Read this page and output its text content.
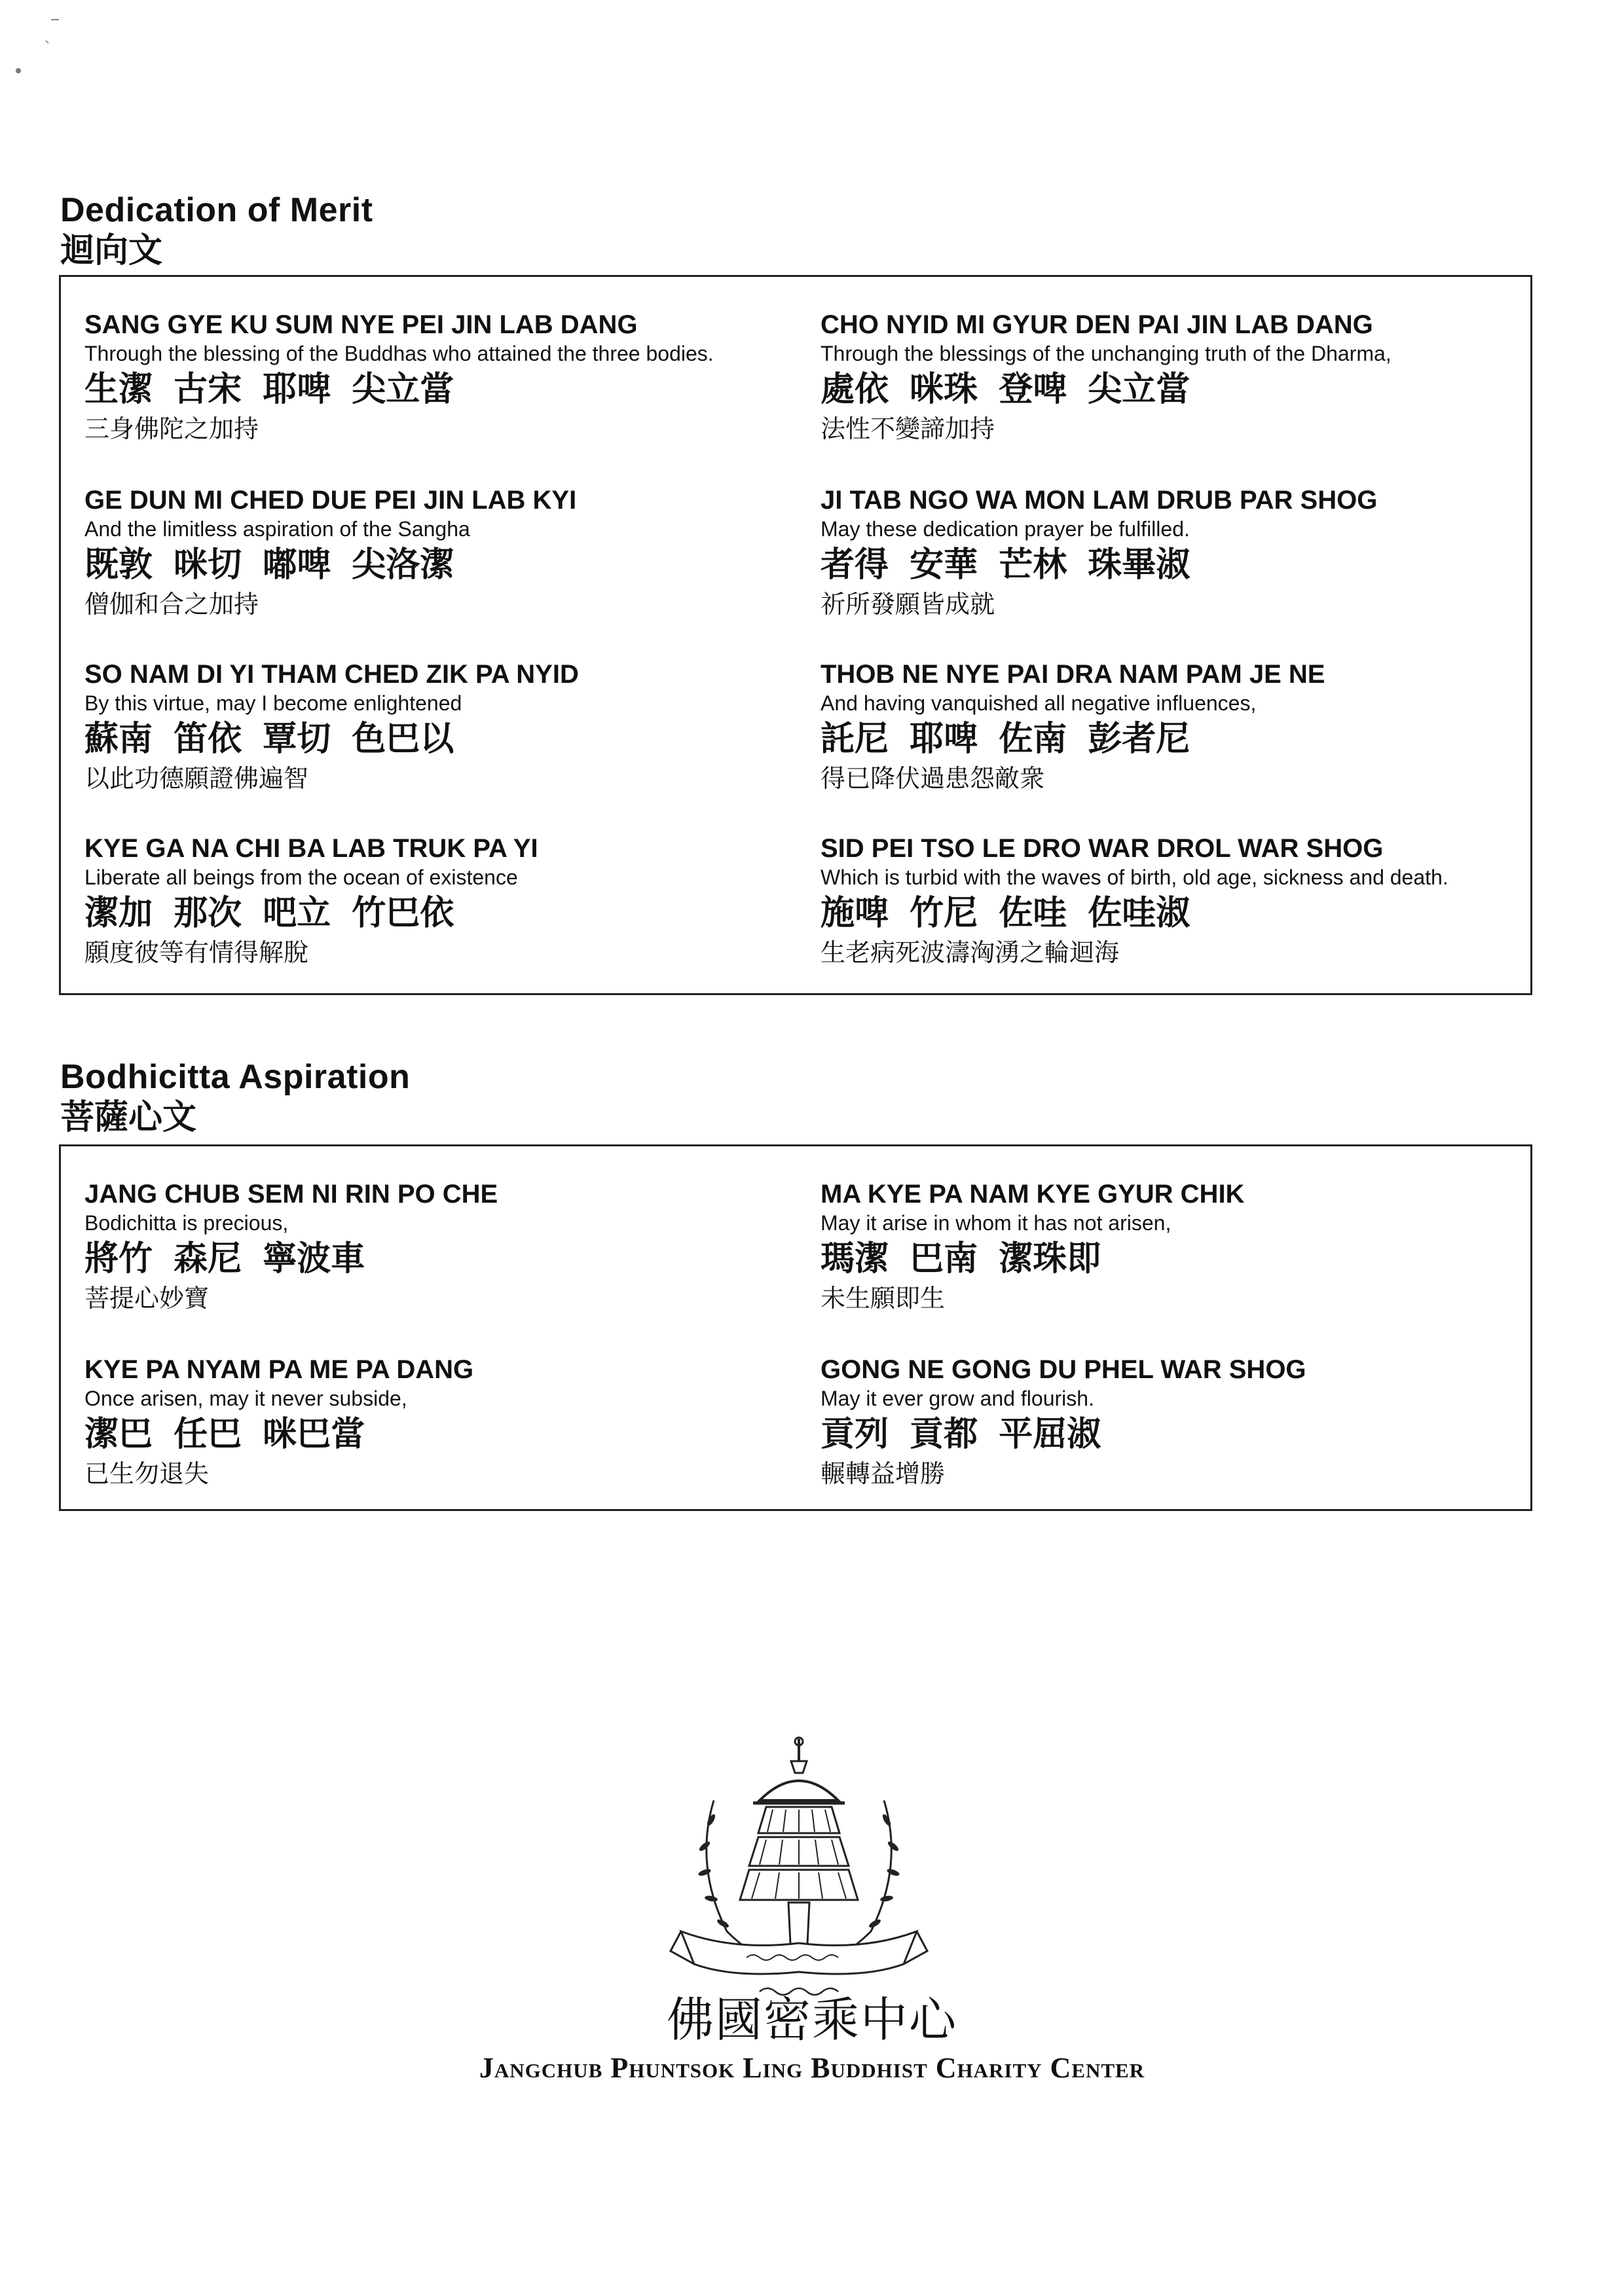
Dedication of Merit
迴向文
SANG GYE KU SUM NYE PEI JIN LAB DANG
Through the blessing of the Buddhas who attained the three bodies.
生潔 古宋 耶啤 尖立當
三身佛陀之加持
GE DUN MI CHED DUE PEI JIN LAB KYI
And the limitless aspiration of the Sangha
既敦 咪切 嘟啤 尖洛潔
僧伽和合之加持
SO NAM DI YI THAM CHED ZIK PA NYID
By this virtue, may I become enlightened
蘇南 笛依 覃切 色巴以
以此功德願證佛遍智
KYE GA NA CHI BA LAB TRUK PA YI
Liberate all beings from the ocean of existence
潔加 那次 吧立 竹巴依
願度彼等有情得解脫
CHO NYID MI GYUR DEN PAI JIN LAB DANG
Through the blessings of the unchanging truth of the Dharma,
處依 咪珠 登啤 尖立當
法性不變諦加持
JI TAB NGO WA MON LAM DRUB PAR SHOG
May these dedication prayer be fulfilled.
者得 安華 芒林 珠畢淑
祈所發願皆成就
THOB NE NYE PAI DRA NAM PAM JE NE
And having vanquished all negative influences,
託尼 耶啤 佐南 彭者尼
得已降伏過患怨敵衆
SID PEI TSO LE DRO WAR DROL WAR SHOG
Which is turbid with the waves of birth, old age, sickness and death.
施啤 竹尼 佐哇 佐哇淑
生老病死波濤洶湧之輪迴海
Bodhicitta Aspiration
菩薩心文
JANG CHUB SEM NI RIN PO CHE
Bodichitta is precious,
將竹 森尼 寧波車
菩提心妙寶
KYE PA NYAM PA ME PA DANG
Once arisen, may it never subside,
潔巴 任巴 咪巴當
已生勿退失
MA KYE PA NAM KYE GYUR CHIK
May it arise in whom it has not arisen,
瑪潔 巴南 潔珠即
未生願即生
GONG NE GONG DU PHEL WAR SHOG
May it ever grow and flourish.
貢列 貢都 平屈淑
輾轉益增勝
佛國密乘中心
Jangchub Phuntsok Ling Buddhist Charity Center
